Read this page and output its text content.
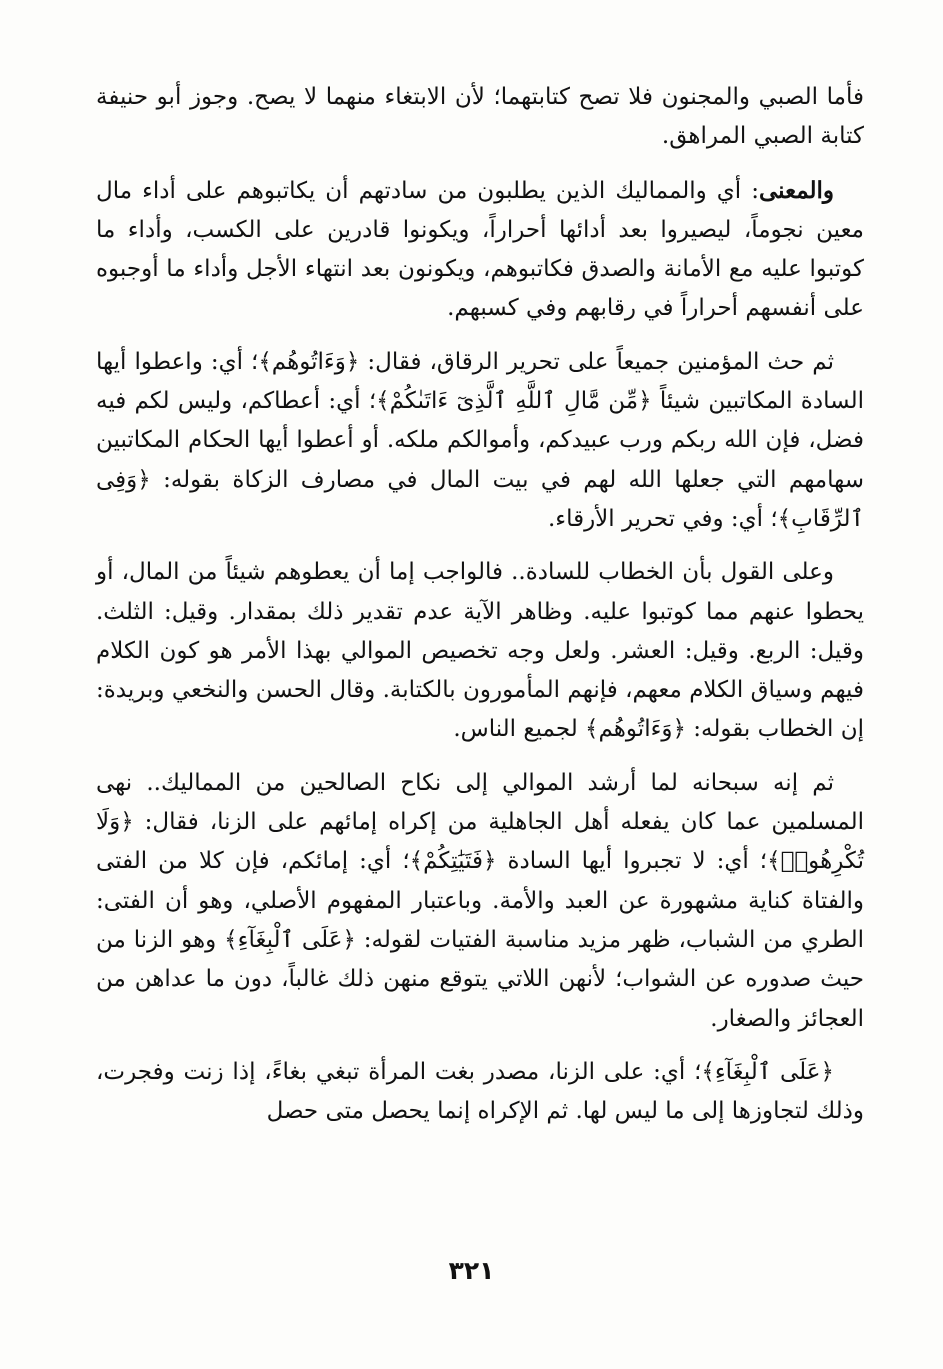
فأما الصبي والمجنون فلا تصح كتابتهما؛ لأن الابتغاء منهما لا يصح. وجوز أبو حنيفة كتابة الصبي المراهق.

والمعنى: أي والمماليك الذين يطلبون من سادتهم أن يكاتبوهم على أداء مال معين نجوماً، ليصيروا بعد أدائها أحراراً، ويكونوا قادرين على الكسب، وأداء ما كوتبوا عليه مع الأمانة والصدق فكاتبوهم، ويكونون بعد انتهاء الأجل وأداء ما أوجبوه على أنفسهم أحراراً في رقابهم وفي كسبهم.

ثم حث المؤمنين جميعاً على تحرير الرقاق، فقال: ﴿وَءَاتُوهُم﴾؛ أي: واعطوا أيها السادة المكاتبين شيئاً ﴿مِّن مَّالِ ٱللَّهِ ٱلَّذِىٓ ءَاتَىٰكُمْ﴾؛ أي: أعطاكم، وليس لكم فيه فضل، فإن الله ربكم ورب عبيدكم، وأموالكم ملكه. أو أعطوا أيها الحكام المكاتبين سهامهم التي جعلها الله لهم في بيت المال في مصارف الزكاة بقوله: ﴿وَفِى ٱلرِّقَابِ﴾؛ أي: وفي تحرير الأرقاء.

وعلى القول بأن الخطاب للسادة.. فالواجب إما أن يعطوهم شيئاً من المال، أو يحطوا عنهم مما كوتبوا عليه. وظاهر الآية عدم تقدير ذلك بمقدار. وقيل: الثلث. وقيل: الربع. وقيل: العشر. ولعل وجه تخصيص الموالي بهذا الأمر هو كون الكلام فيهم وسياق الكلام معهم، فإنهم المأمورون بالكتابة. وقال الحسن والنخعي وبريدة: إن الخطاب بقوله: ﴿وَءَاتُوهُم﴾ لجميع الناس.

ثم إنه سبحانه لما أرشد الموالي إلى نكاح الصالحين من المماليك.. نهى المسلمين عما كان يفعله أهل الجاهلية من إكراه إمائهم على الزنا، فقال: ﴿وَلَا تُكْرِهُوا۟﴾؛ أي: لا تجبروا أيها السادة ﴿فَتَيَٰتِكُمْ﴾؛ أي: إمائكم، فإن كلا من الفتى والفتاة كناية مشهورة عن العبد والأمة. وباعتبار المفهوم الأصلي، وهو أن الفتى: الطري من الشباب، ظهر مزيد مناسبة الفتيات لقوله: ﴿عَلَى ٱلْبِغَآءِ﴾ وهو الزنا من حيث صدوره عن الشواب؛ لأنهن اللاتي يتوقع منهن ذلك غالباً، دون ما عداهن من العجائز والصغار.

﴿عَلَى ٱلْبِغَآءِ﴾؛ أي: على الزنا، مصدر بغت المرأة تبغي بغاءً، إذا زنت وفجرت، وذلك لتجاوزها إلى ما ليس لها. ثم الإكراه إنما يحصل متى حصل

٣٢١
